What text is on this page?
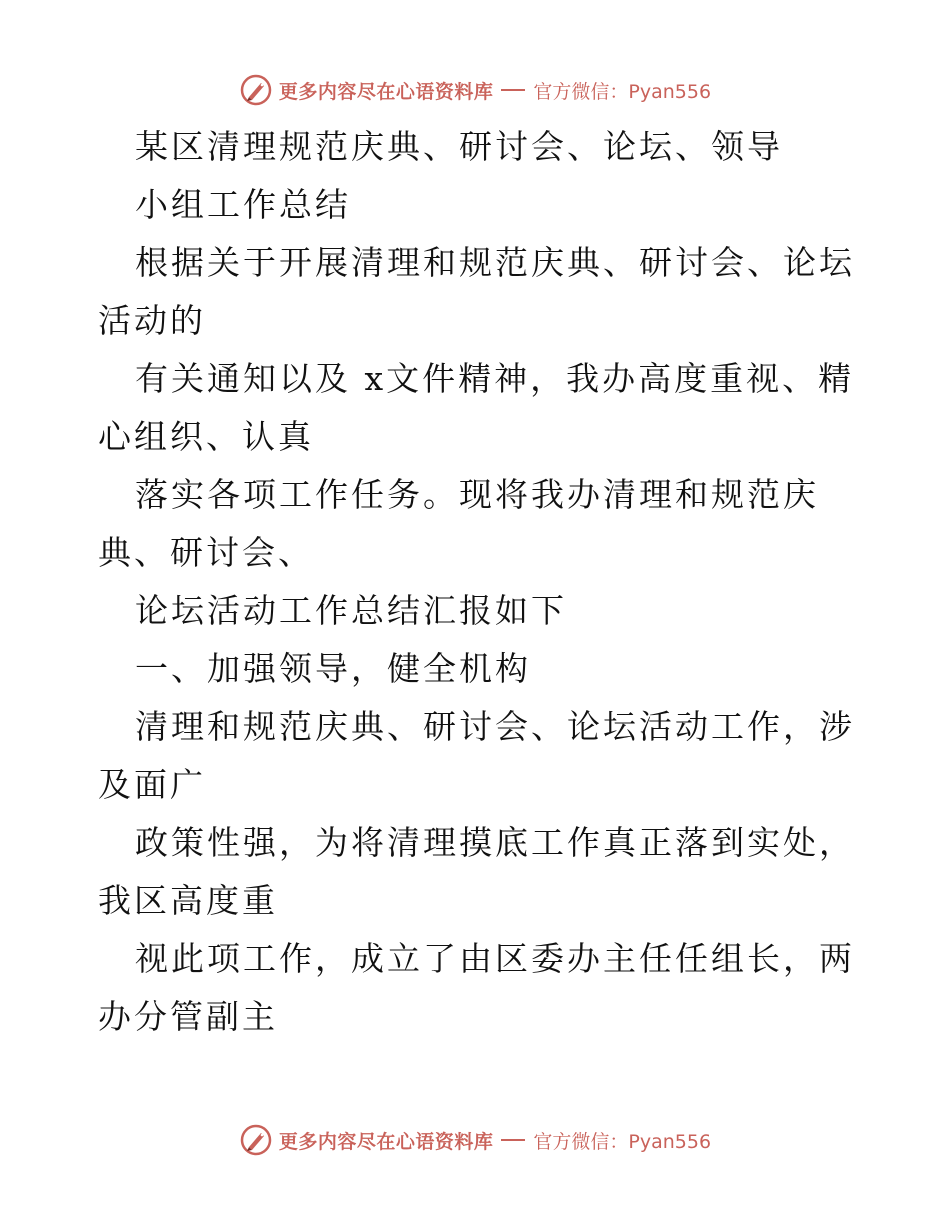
更多内容尽在心语资料库 官方微信：Pyan556

某区清理规范庆典、研讨会、论坛、领导

小组工作总结

根据关于开展清理和规范庆典、研讨会、论坛活动的

有关通知以及 x文件精神，我办高度重视、精心组织、认真

落实各项工作任务。现将我办清理和规范庆典、研讨会、

论坛活动工作总结汇报如下

一、加强领导，健全机构

清理和规范庆典、研讨会、论坛活动工作，涉及面广

政策性强，为将清理摸底工作真正落到实处，我区高度重

视此项工作，成立了由区委办主任任组长，两办分管副主

更多内容尽在心语资料库 官方微信：Pyan556
